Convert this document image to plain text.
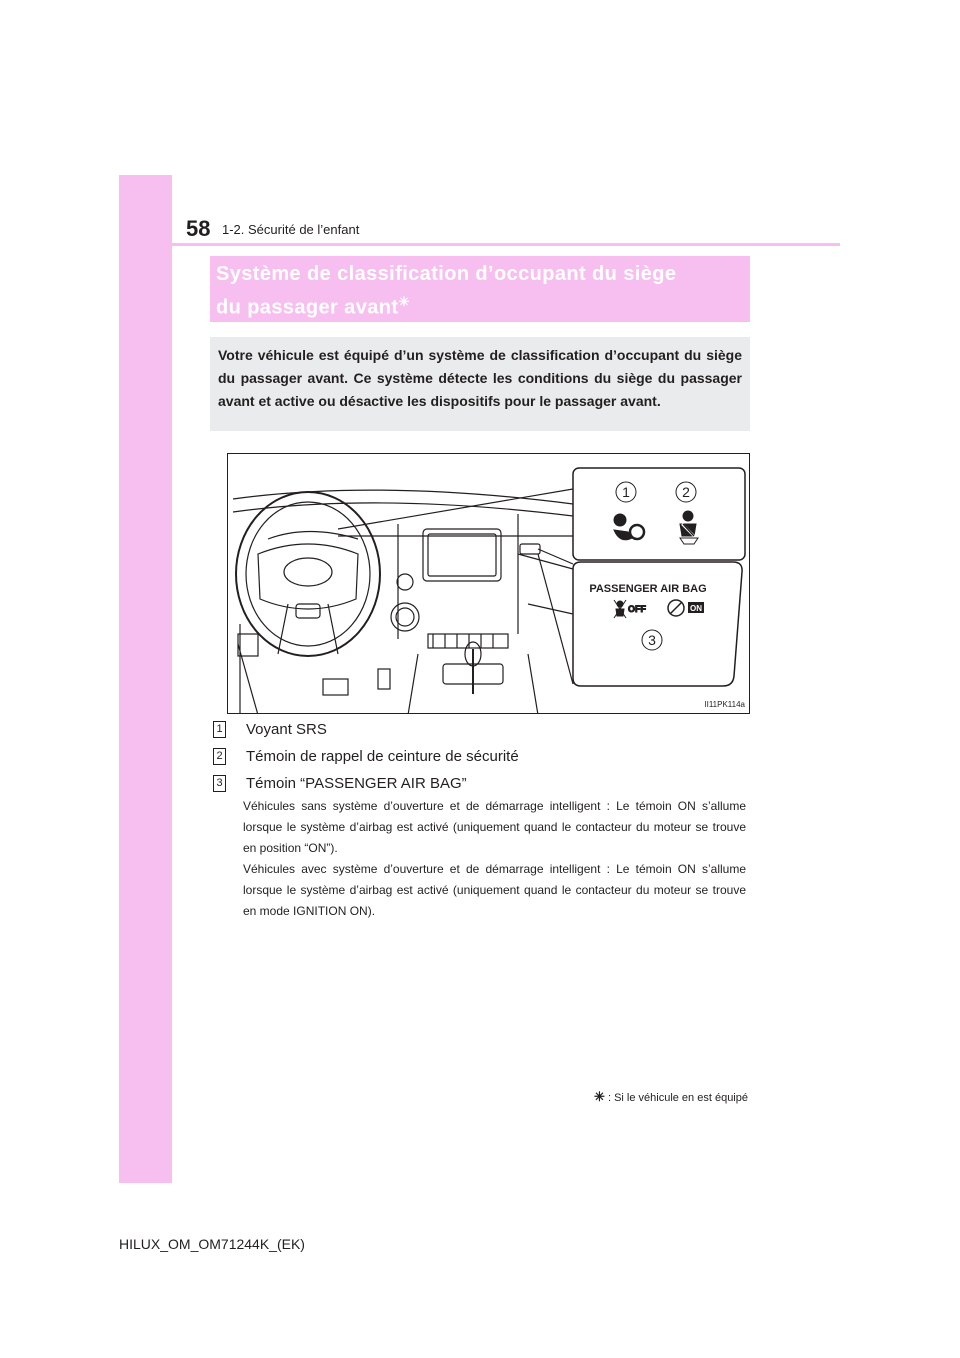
58 1-2. Sécurité de l’enfant
Système de classification d’occupant du siège
du passager avant✳
Votre véhicule est équipé d’un système de classification d’occupant du siège du passager avant. Ce système détecte les conditions du siège du passager avant et active ou désactive les dispositifs pour le passager avant.
1	2
PASSENGER AIR BAG
OFF	ON
3
II11PK114a
1 Voyant SRS
2 Témoin de rappel de ceinture de sécurité
3 Témoin “PASSENGER AIR BAG”

Véhicules sans système d’ouverture et de démarrage intelligent : Le témoin ON s’allume lorsque le système d’airbag est activé (uniquement quand le contacteur du moteur se trouve en position “ON”).

Véhicules avec système d’ouverture et de démarrage intelligent : Le témoin ON s’allume lorsque le système d’airbag est activé (uniquement quand le contacteur du moteur se trouve en mode IGNITION ON).

✳ : Si le véhicule en est équipé
HILUX_OM_OM71244K_(EK)
